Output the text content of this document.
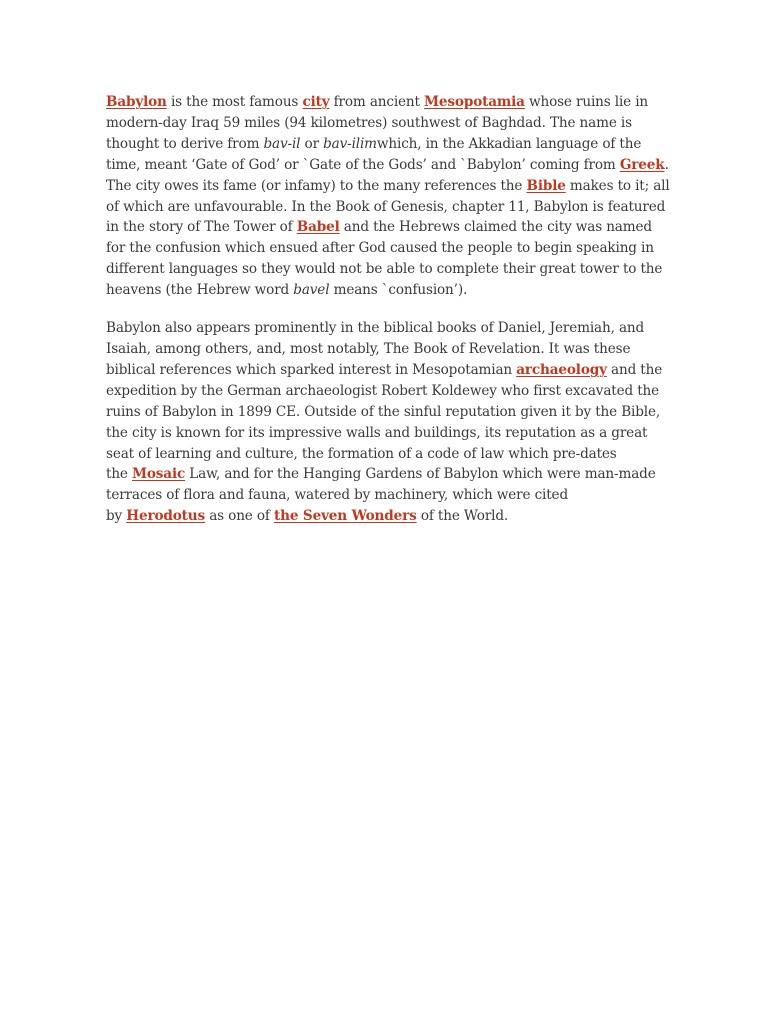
Babylon is the most famous city from ancient Mesopotamia whose ruins lie in
modern-day Iraq 59 miles (94 kilometres) southwest of Baghdad. The name is
thought to derive from bav-il or bav-ilimwhich, in the Akkadian language of the
time, meant ‘Gate of God’ or `Gate of the Gods’ and `Babylon’ coming from Greek.
The city owes its fame (or infamy) to the many references the Bible makes to it; all
of which are unfavourable. In the Book of Genesis, chapter 11, Babylon is featured
in the story of The Tower of Babel and the Hebrews claimed the city was named
for the confusion which ensued after God caused the people to begin speaking in
different languages so they would not be able to complete their great tower to the
heavens (the Hebrew word bavel means `confusion’).

Babylon also appears prominently in the biblical books of Daniel, Jeremiah, and
Isaiah, among others, and, most notably, The Book of Revelation. It was these
biblical references which sparked interest in Mesopotamian archaeology and the
expedition by the German archaeologist Robert Koldewey who first excavated the
ruins of Babylon in 1899 CE. Outside of the sinful reputation given it by the Bible,
the city is known for its impressive walls and buildings, its reputation as a great
seat of learning and culture, the formation of a code of law which pre-dates
the Mosaic Law, and for the Hanging Gardens of Babylon which were man-made
terraces of flora and fauna, watered by machinery, which were cited
by Herodotus as one of the Seven Wonders of the World.
